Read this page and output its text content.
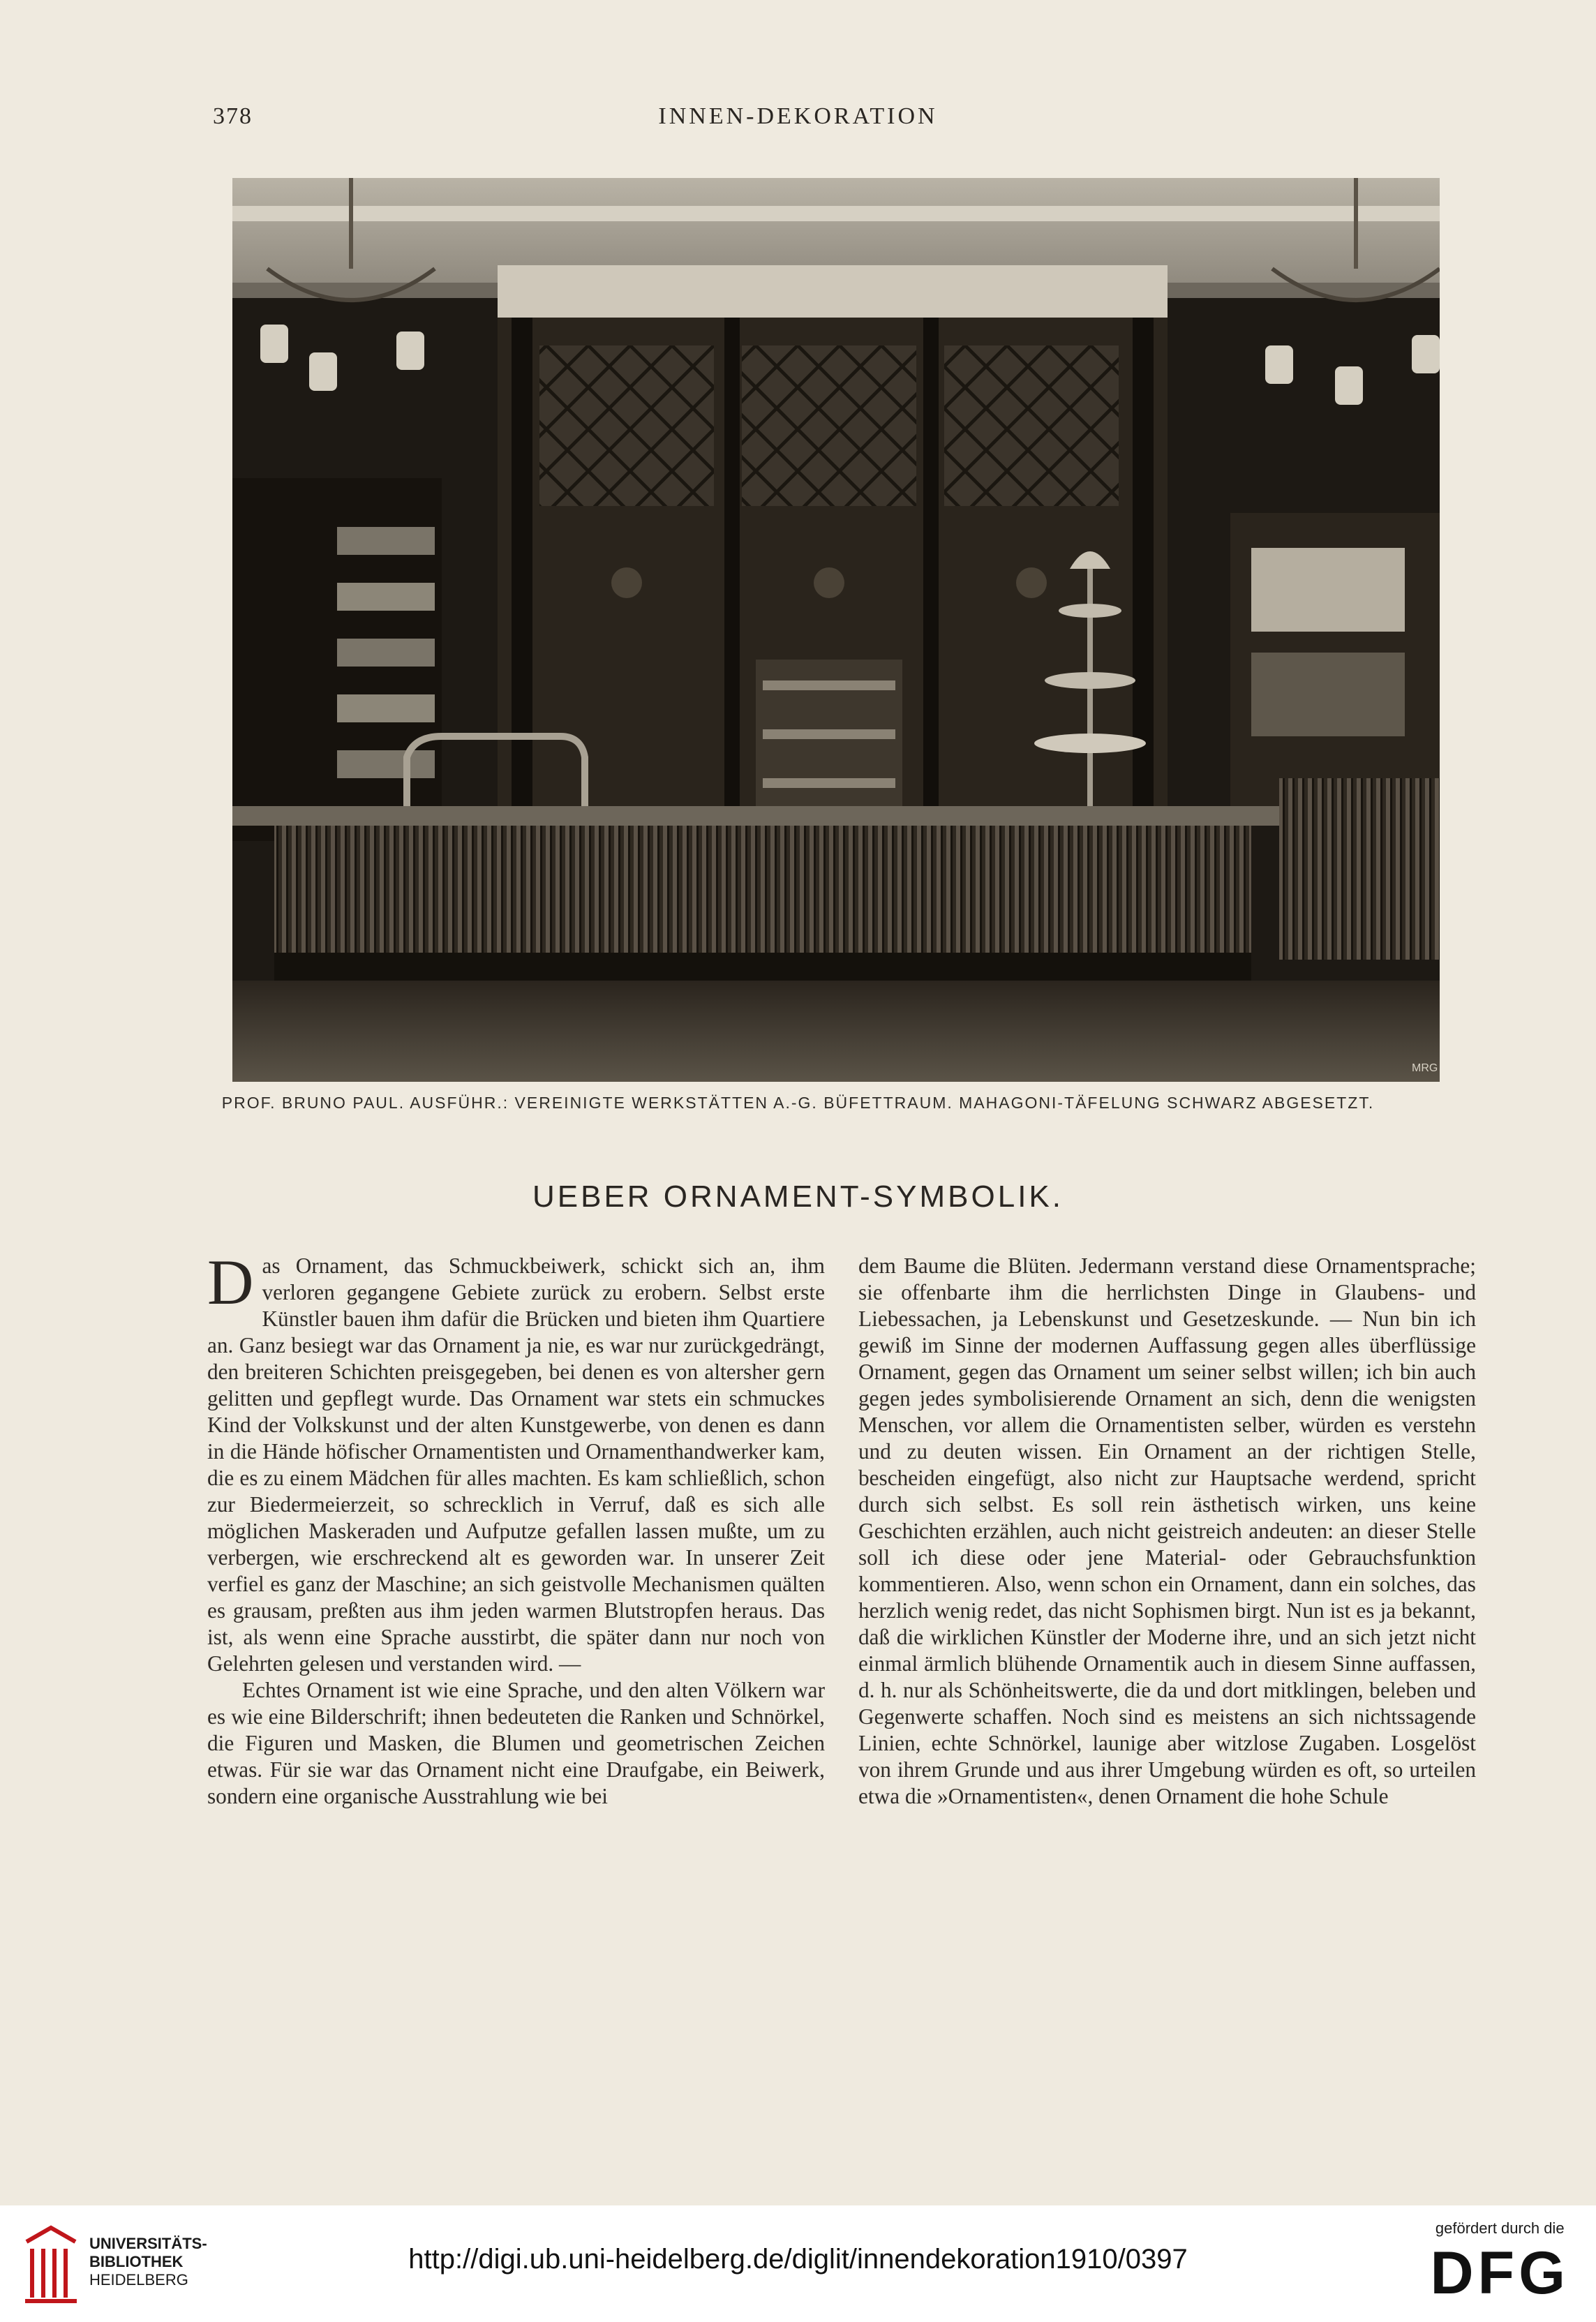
378	INNEN-DEKORATION
MRG
PROF. BRUNO PAUL. AUSFÜHR.: VEREINIGTE WERKSTÄTTEN A.-G. BÜFETTRAUM. MAHAGONI-TÄFELUNG SCHWARZ ABGESETZT.
UEBER ORNAMENT-SYMBOLIK.

Das Ornament, das Schmuckbeiwerk, schickt sich an, ihm verloren gegangene Gebiete zurück zu erobern. Selbst erste Künstler bauen ihm dafür die Brücken und bieten ihm Quartiere an. Ganz besiegt war das Ornament ja nie, es war nur zurückgedrängt, den breiteren Schichten preisgegeben, bei denen es von altersher gern gelitten und gepflegt wurde. Das Ornament war stets ein schmuckes Kind der Volkskunst und der alten Kunstgewerbe, von denen es dann in die Hände höfischer Ornamentisten und Ornamenthandwerker kam, die es zu einem Mädchen für alles machten. Es kam schließlich, schon zur Biedermeierzeit, so schrecklich in Verruf, daß es sich alle möglichen Maskeraden und Aufputze gefallen lassen mußte, um zu verbergen, wie erschreckend alt es geworden war. In unserer Zeit verfiel es ganz der Maschine; an sich geistvolle Mechanismen quälten es grausam, preßten aus ihm jeden warmen Blutstropfen heraus. Das ist, als wenn eine Sprache ausstirbt, die später dann nur noch von Gelehrten gelesen und verstanden wird. —

Echtes Ornament ist wie eine Sprache, und den alten Völkern war es wie eine Bilderschrift; ihnen bedeuteten die Ranken und Schnörkel, die Figuren und Masken, die Blumen und geometrischen Zeichen etwas. Für sie war das Ornament nicht eine Draufgabe, ein Beiwerk, sondern eine organische Ausstrahlung wie bei

dem Baume die Blüten. Jedermann verstand diese Ornamentsprache; sie offenbarte ihm die herrlichsten Dinge in Glaubens- und Liebessachen, ja Lebenskunst und Gesetzeskunde. — Nun bin ich gewiß im Sinne der modernen Auffassung gegen alles überflüssige Ornament, gegen das Ornament um seiner selbst willen; ich bin auch gegen jedes symbolisierende Ornament an sich, denn die wenigsten Menschen, vor allem die Ornamentisten selber, würden es verstehn und zu deuten wissen. Ein Ornament an der richtigen Stelle, bescheiden eingefügt, also nicht zur Hauptsache werdend, spricht durch sich selbst. Es soll rein ästhetisch wirken, uns keine Geschichten erzählen, auch nicht geistreich andeuten: an dieser Stelle soll ich diese oder jene Material- oder Gebrauchsfunktion kommentieren. Also, wenn schon ein Ornament, dann ein solches, das herzlich wenig redet, das nicht Sophismen birgt. Nun ist es ja bekannt, daß die wirklichen Künstler der Moderne ihre, und an sich jetzt nicht einmal ärmlich blühende Ornamentik auch in diesem Sinne auffassen, d. h. nur als Schönheitswerte, die da und dort mitklingen, beleben und Gegenwerte schaffen. Noch sind es meistens an sich nichtssagende Linien, echte Schnörkel, launige aber witzlose Zugaben. Losgelöst von ihrem Grunde und aus ihrer Umgebung würden es oft, so urteilen etwa die »Ornamentisten«, denen Ornament die hohe Schule

UNIVERSITÄTS-
BIBLIOTHEK
HEIDELBERG
http://digi.ub.uni-heidelberg.de/diglit/innendekoration1910/0397
gefördert durch die
DFG
